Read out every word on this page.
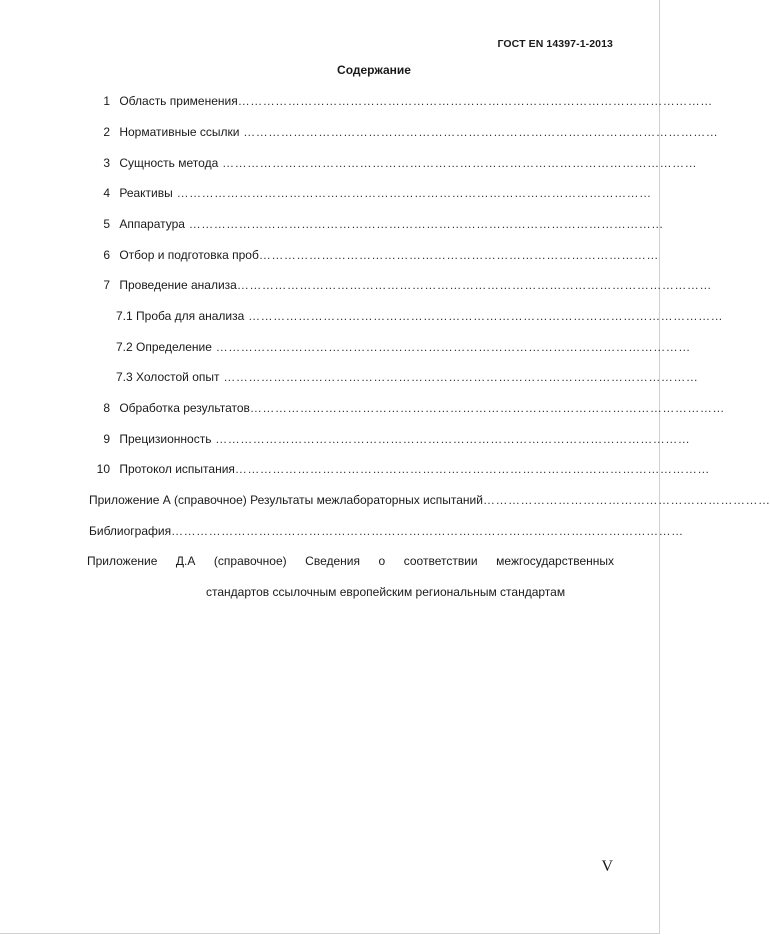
ГОСТ EN 14397-1-2013
Содержание
1 Область применения……………………………………………………………………………………………………
2 Нормативные ссылки ……………………………………………………………………………………………………
3 Сущность метода ……………………………………………………………………………………………………
4 Реактивы ……………………………………………………………………………………………………
5 Аппаратура ……………………………………………………………………………………………………
6 Отбор и подготовка проб……………………………………………………………………………………
7 Проведение анализа……………………………………………………………………………………………………
7.1 Проба для анализа ……………………………………………………………………………………………………
7.2 Определение ……………………………………………………………………………………………………
7.3 Холостой опыт ……………………………………………………………………………………………………
8 Обработка результатов……………………………………………………………………………………………………
9 Прецизионность ……………………………………………………………………………………………………
10 Протокол испытания……………………………………………………………………………………………………
Приложение А (справочное) Результаты межлабораторных испытаний……………………………………………………………
Библиография……………………………………………………………………………………………………………
Приложение Д.А (справочное) Сведения о соответствии межгосударственных
стандартов ссылочным европейским региональным стандартам
V
